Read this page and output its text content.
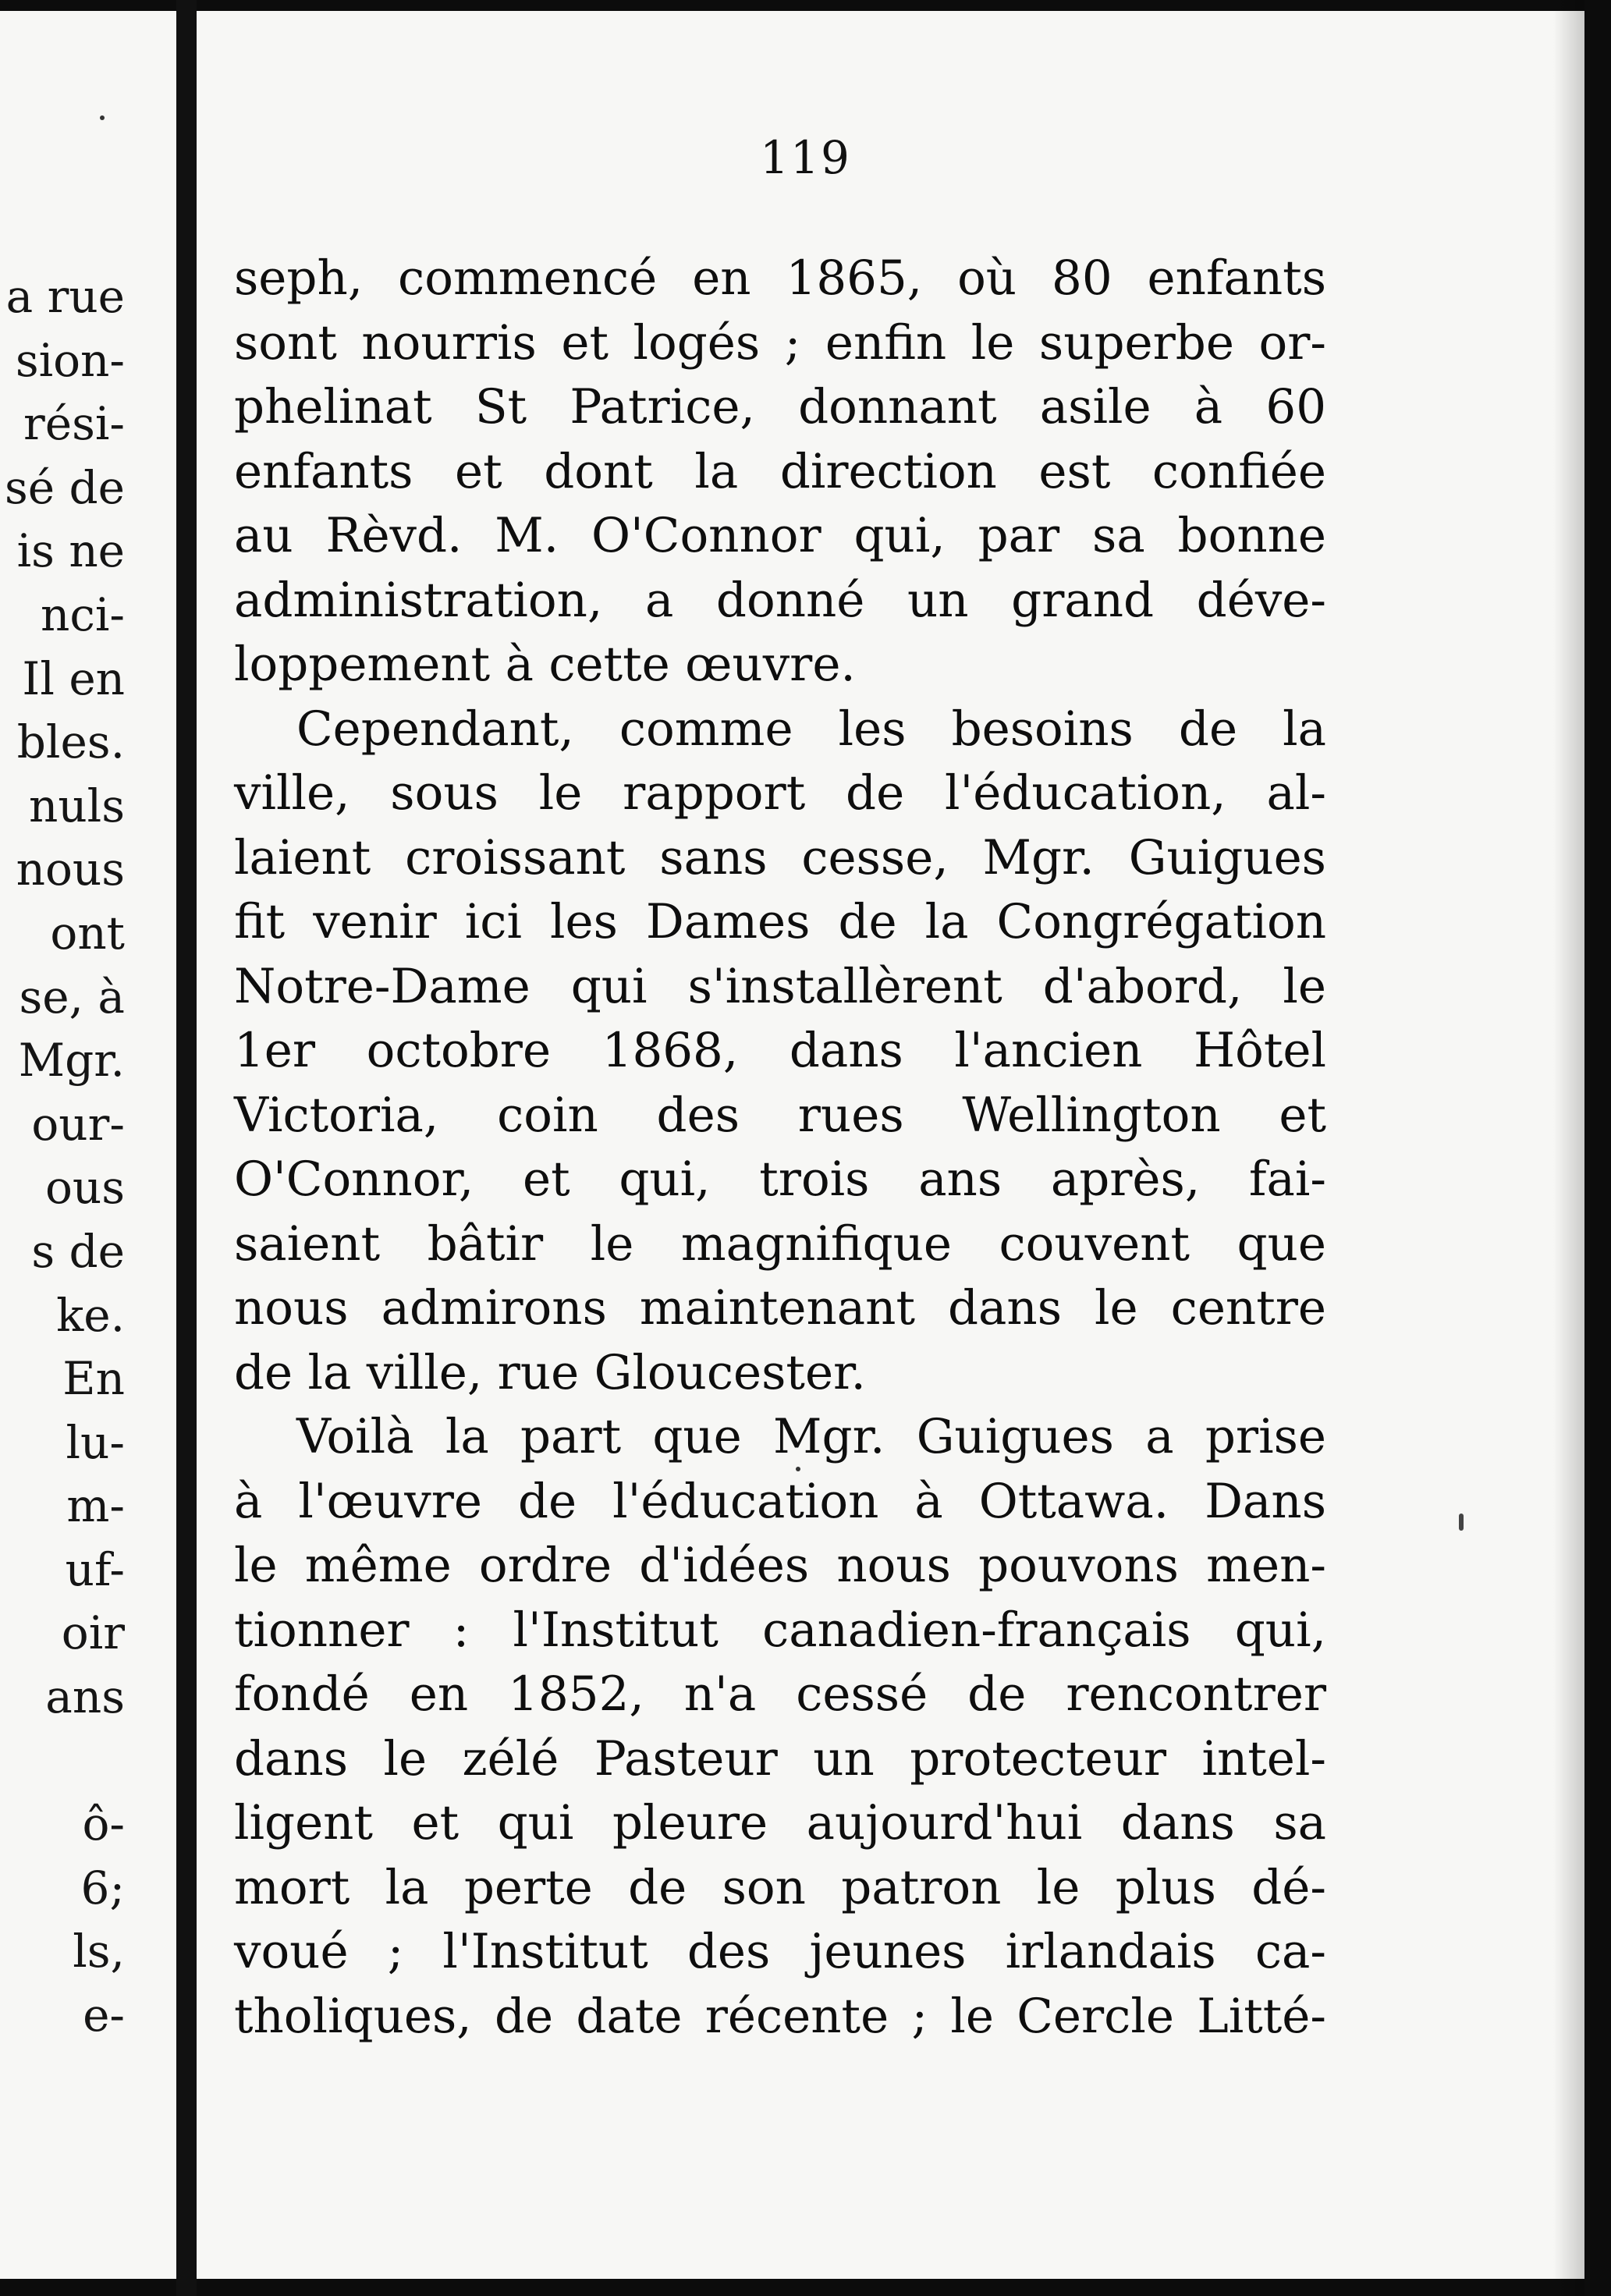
a rue
sion-
rési-
sé de
is ne
nci-
Il en
bles.
nuls
nous
ont
se, à
Mgr.
our-
ous
s de
ke.
En
lu-
m-
uf-
oir
ans
ô-
6;
ls,
e-
119
seph, commencé en 1865, où 80 enfants
sont nourris et logés ; enfin le superbe or-
phelinat St Patrice, donnant asile à 60
enfants et dont la direction est confiée
au Rèvd. M. O'Connor qui, par sa bonne
administration, a donné un grand déve-
loppement à cette œuvre.
Cependant, comme les besoins de la
ville, sous le rapport de l'éducation, al-
laient croissant sans cesse, Mgr. Guigues
fit venir ici les Dames de la Congrégation
Notre-Dame qui s'installèrent d'abord, le
1er octobre 1868, dans l'ancien Hôtel
Victoria, coin des rues Wellington et
O'Connor, et qui, trois ans après, fai-
saient bâtir le magnifique couvent que
nous admirons maintenant dans le centre
de la ville, rue Gloucester.
Voilà la part que Mgr. Guigues a prise
à l'œuvre de l'éducation à Ottawa. Dans
le même ordre d'idées nous pouvons men-
tionner : l'Institut canadien-français qui,
fondé en 1852, n'a cessé de rencontrer
dans le zélé Pasteur un protecteur intel-
ligent et qui pleure aujourd'hui dans sa
mort la perte de son patron le plus dé-
voué ; l'Institut des jeunes irlandais ca-
tholiques, de date récente ; le Cercle Litté-
